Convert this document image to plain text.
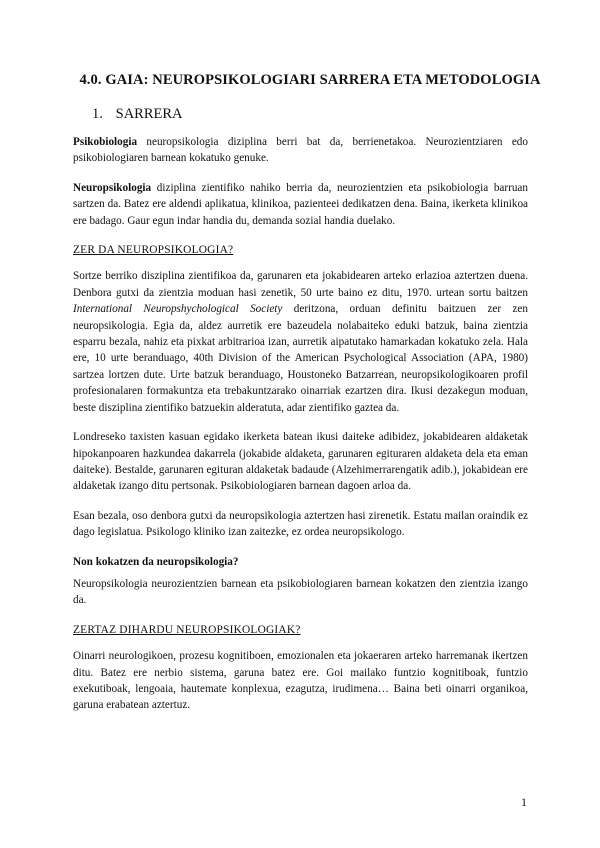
4.0. GAIA: NEUROPSIKOLOGIARI SARRERA ETA METODOLOGIA
1. SARRERA

Psikobiologia neuropsikologia diziplina berri bat da, berrienetakoa. Neurozientziaren edo psikobiologiaren barnean kokatuko genuke.

Neuropsikologia diziplina zientifiko nahiko berria da, neurozientzien eta psikobiologia barruan sartzen da. Batez ere aldendi aplikatua, klinikoa, pazienteei dedikatzen dena. Baina, ikerketa klinikoa ere badago. Gaur egun indar handia du, demanda sozial handia duelako.

ZER DA NEUROPSIKOLOGIA?

Sortze berriko disziplina zientifikoa da, garunaren eta jokabidearen arteko erlazioa aztertzen duena. Denbora gutxi da zientzia moduan hasi zenetik, 50 urte baino ez ditu, 1970. urtean sortu baitzen International Neuropshychological Society deritzona, orduan definitu baitzuen zer zen neuropsikologia. Egia da, aldez aurretik ere bazeudela nolabaiteko eduki batzuk, baina zientzia esparru bezala, nahiz eta pixkat arbitrarioa izan, aurretik aipatutako hamarkadan kokatuko zela. Hala ere, 10 urte beranduago, 40th Division of the American Psychological Association (APA, 1980) sartzea lortzen dute. Urte batzuk beranduago, Houstoneko Batzarrean, neuropsikologikoaren profil profesionalaren formakuntza eta trebakuntzarako oinarriak ezartzen dira. Ikusi dezakegun moduan, beste disziplina zientifiko batzuekin alderatuta, adar zientifiko gaztea da.

Londreseko taxisten kasuan egidako ikerketa batean ikusi daiteke adibidez, jokabidearen aldaketak hipokanpoaren hazkundea dakarrela (jokabide aldaketa, garunaren egituraren aldaketa dela eta eman daiteke). Bestalde, garunaren egituran aldaketak badaude (Alzehimerrarengatik adib.), jokabidean ere aldaketak izango ditu pertsonak. Psikobiologiaren barnean dagoen arloa da.

Esan bezala, oso denbora gutxi da neuropsikologia aztertzen hasi zirenetik. Estatu mailan oraindik ez dago legislatua. Psikologo kliniko izan zaitezke, ez ordea neuropsikologo.

Non kokatzen da neuropsikologia?

Neuropsikologia neurozientzien barnean eta psikobiologiaren barnean kokatzen den zientzia izango da.

ZERTAZ DIHARDU NEUROPSIKOLOGIAK?

Oinarri neurologikoen, prozesu kognitiboen, emozionalen eta jokaeraren arteko harremanak ikertzen ditu. Batez ere nerbio sistema, garuna batez ere. Goi mailako funtzio kognitiboak, funtzio exekutiboak, lengoaia, hautemate konplexua, ezagutza, irudimena… Baina beti oinarri organikoa, garuna erabatean aztertuz.

1
